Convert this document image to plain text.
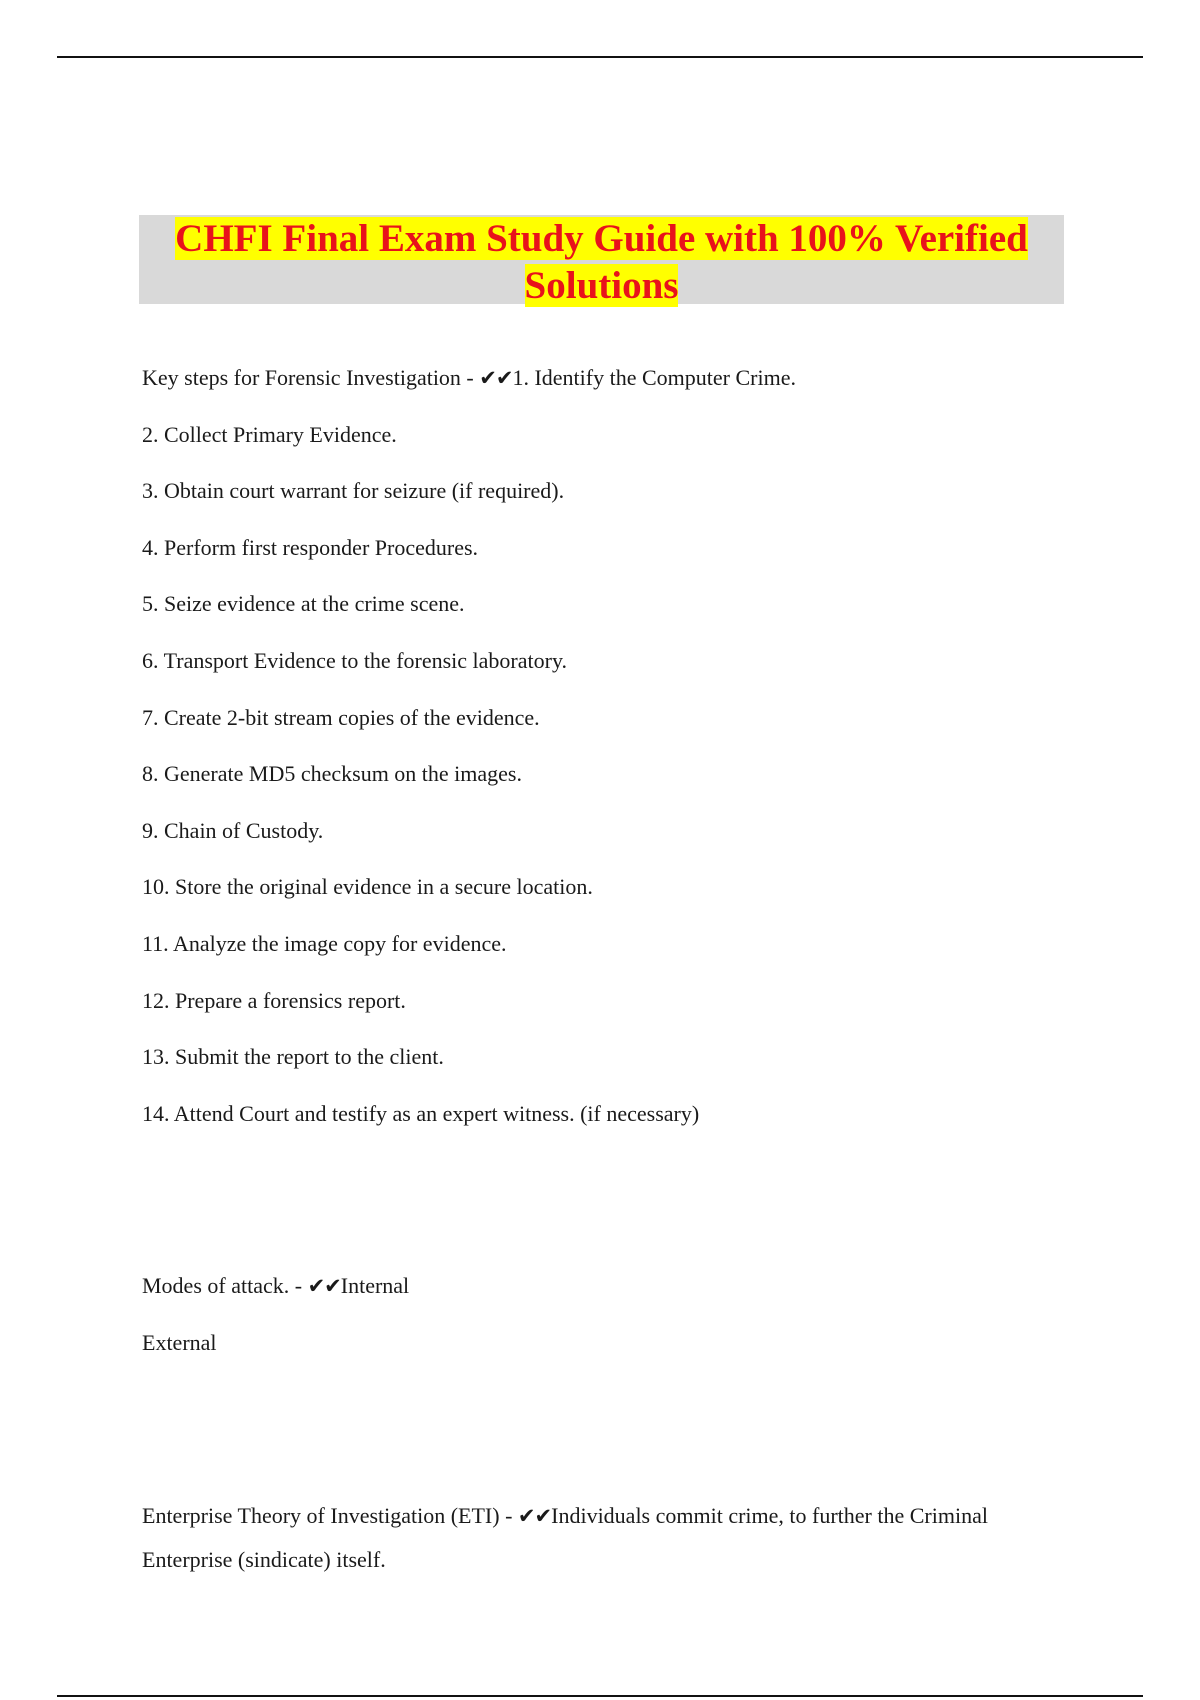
CHFI Final Exam Study Guide with 100% Verified Solutions

Key steps for Forensic Investigation - ✔✔1. Identify the Computer Crime.

2. Collect Primary Evidence.

3. Obtain court warrant for seizure (if required).

4. Perform first responder Procedures.

5. Seize evidence at the crime scene.

6. Transport Evidence to the forensic laboratory.

7. Create 2-bit stream copies of the evidence.

8. Generate MD5 checksum on the images.

9. Chain of Custody.

10. Store the original evidence in a secure location.

11. Analyze the image copy for evidence.

12. Prepare a forensics report.

13. Submit the report to the client.

14. Attend Court and testify as an expert witness. (if necessary)

Modes of attack. - ✔✔Internal

External

Enterprise Theory of Investigation (ETI) - ✔✔Individuals commit crime, to further the Criminal Enterprise (sindicate) itself.
